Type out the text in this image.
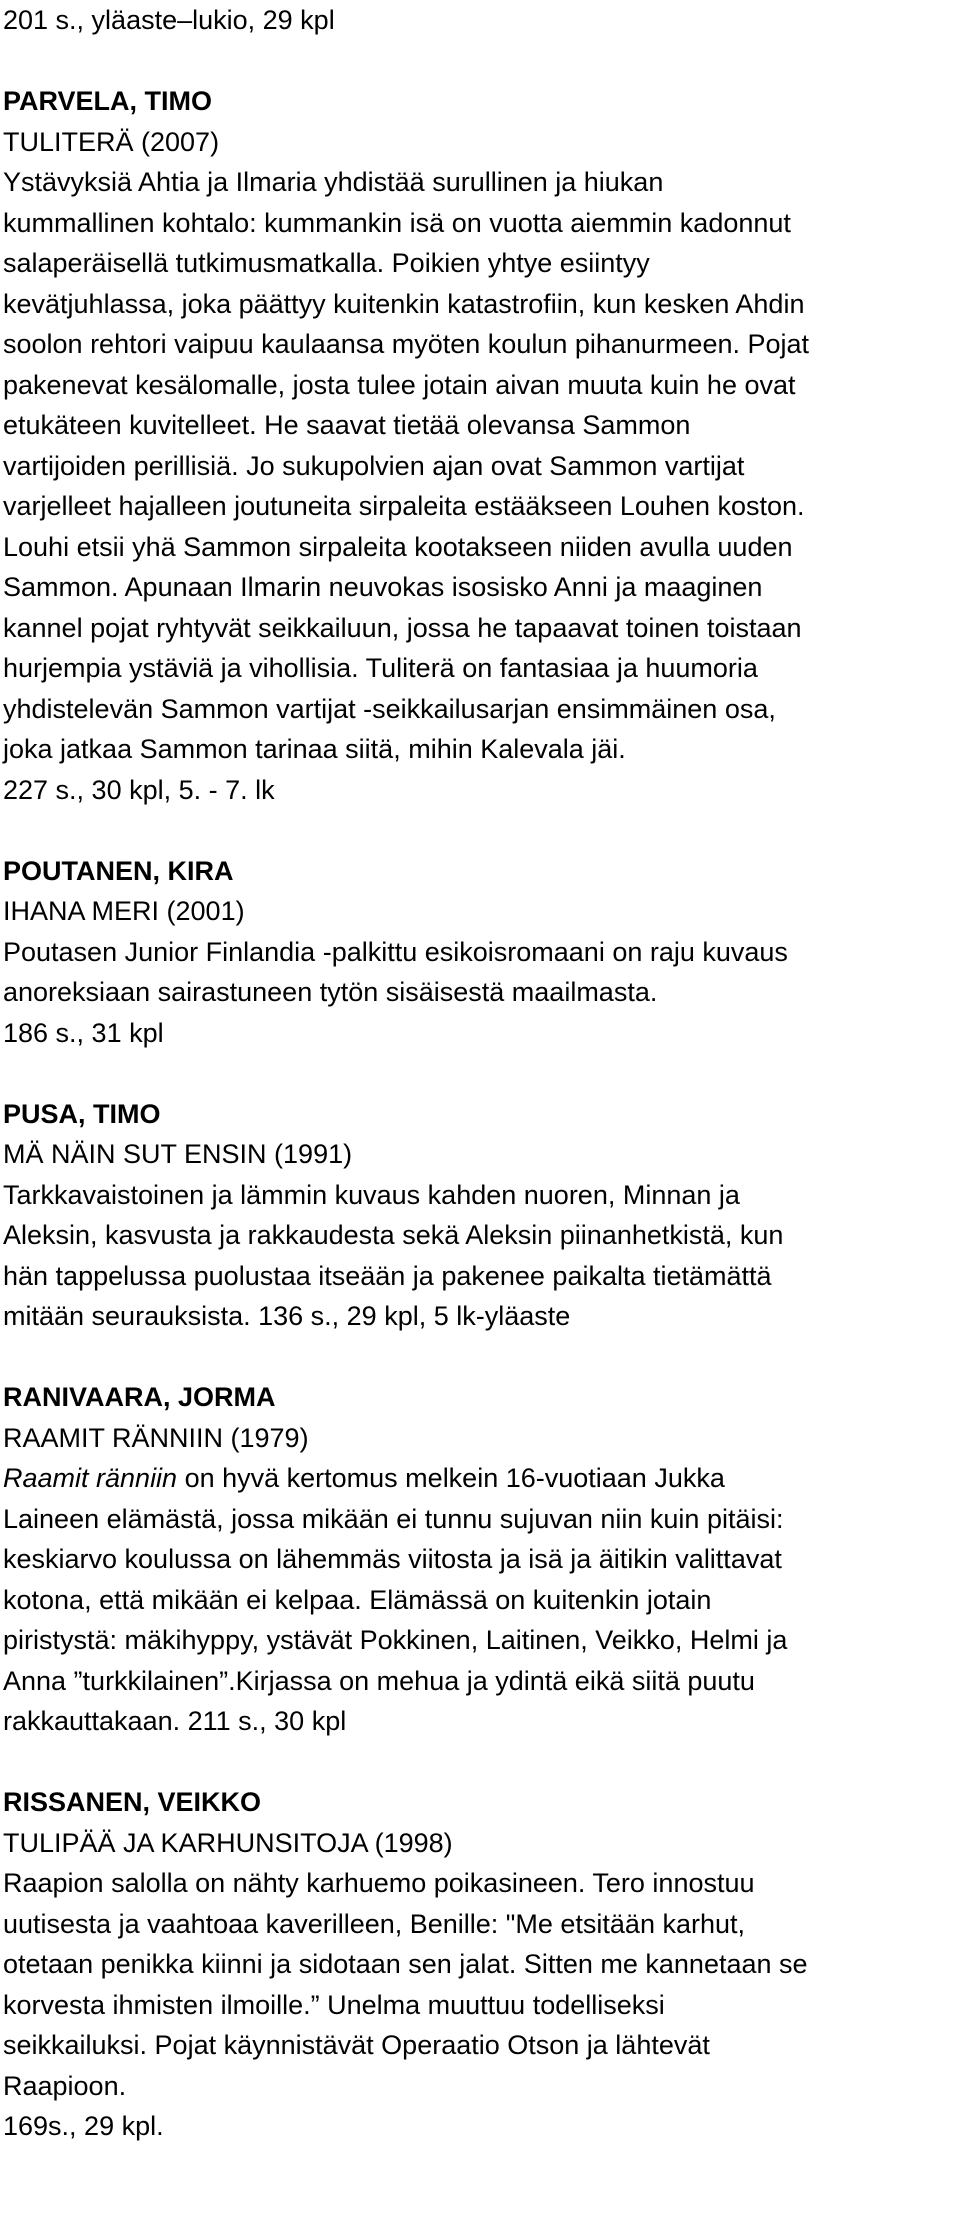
201 s., yläaste–lukio, 29 kpl
PARVELA, TIMO
TULITERÄ (2007)
Ystävyksiä Ahtia ja Ilmaria yhdistää surullinen ja hiukan
kummallinen kohtalo: kummankin isä on vuotta aiemmin kadonnut
salaperäisellä tutkimusmatkalla. Poikien yhtye esiintyy
kevätjuhlassa, joka päättyy kuitenkin katastrofiin, kun kesken Ahdin
soolon rehtori vaipuu kaulaansa myöten koulun pihanurmeen. Pojat
pakenevat kesälomalle, josta tulee jotain aivan muuta kuin he ovat
etukäteen kuvitelleet. He saavat tietää olevansa Sammon
vartijoiden perillisiä. Jo sukupolvien ajan ovat Sammon vartijat
varjelleet hajalleen joutuneita sirpaleita estääkseen Louhen koston.
Louhi etsii yhä Sammon sirpaleita kootakseen niiden avulla uuden
Sammon. Apunaan Ilmarin neuvokas isosisko Anni ja maaginen
kannel pojat ryhtyvät seikkailuun, jossa he tapaavat toinen toistaan
hurjempia ystäviä ja vihollisia. Tuliterä on fantasiaa ja huumoria
yhdistelevän Sammon vartijat -seikkailusarjan ensimmäinen osa,
joka jatkaa Sammon tarinaa siitä, mihin Kalevala jäi.
227 s., 30 kpl, 5. - 7. lk
POUTANEN, KIRA
IHANA MERI (2001)
Poutasen Junior Finlandia -palkittu esikoisromaani on raju kuvaus
anoreksiaan sairastuneen tytön sisäisestä maailmasta.
186 s., 31 kpl
PUSA, TIMO
MÄ NÄIN SUT ENSIN (1991)
Tarkkavaistoinen ja lämmin kuvaus kahden nuoren, Minnan ja
Aleksin, kasvusta ja rakkaudesta sekä Aleksin piinanhetkistä, kun
hän tappelussa puolustaa itseään ja pakenee paikalta tietämättä
mitään seurauksista. 136 s., 29 kpl, 5 lk-yläaste
RANIVAARA, JORMA
RAAMIT RÄNNIIN (1979)
Raamit ränniin on hyvä kertomus melkein 16-vuotiaan Jukka
Laineen elämästä, jossa mikään ei tunnu sujuvan niin kuin pitäisi:
keskiarvo koulussa on lähemmäs viitosta ja isä ja äitikin valittavat
kotona, että mikään ei kelpaa. Elämässä on kuitenkin jotain
piristystä: mäkihyppy, ystävät Pokkinen, Laitinen, Veikko, Helmi ja
Anna ”turkkilainen”.Kirjassa on mehua ja ydintä eikä siitä puutu
rakkauttakaan. 211 s., 30 kpl
RISSANEN, VEIKKO
TULIPÄÄ JA KARHUNSITOJA (1998)
Raapion salolla on nähty karhuemo poikasineen. Tero innostuu
uutisesta ja vaahtoaa kaverilleen, Benille: "Me etsitään karhut,
otetaan penikka kiinni ja sidotaan sen jalat. Sitten me kannetaan se
korvesta ihmisten ilmoille.” Unelma muuttuu todelliseksi
seikkailuksi. Pojat käynnistävät Operaatio Otson ja lähtevät
Raapioon.
169s., 29 kpl.
